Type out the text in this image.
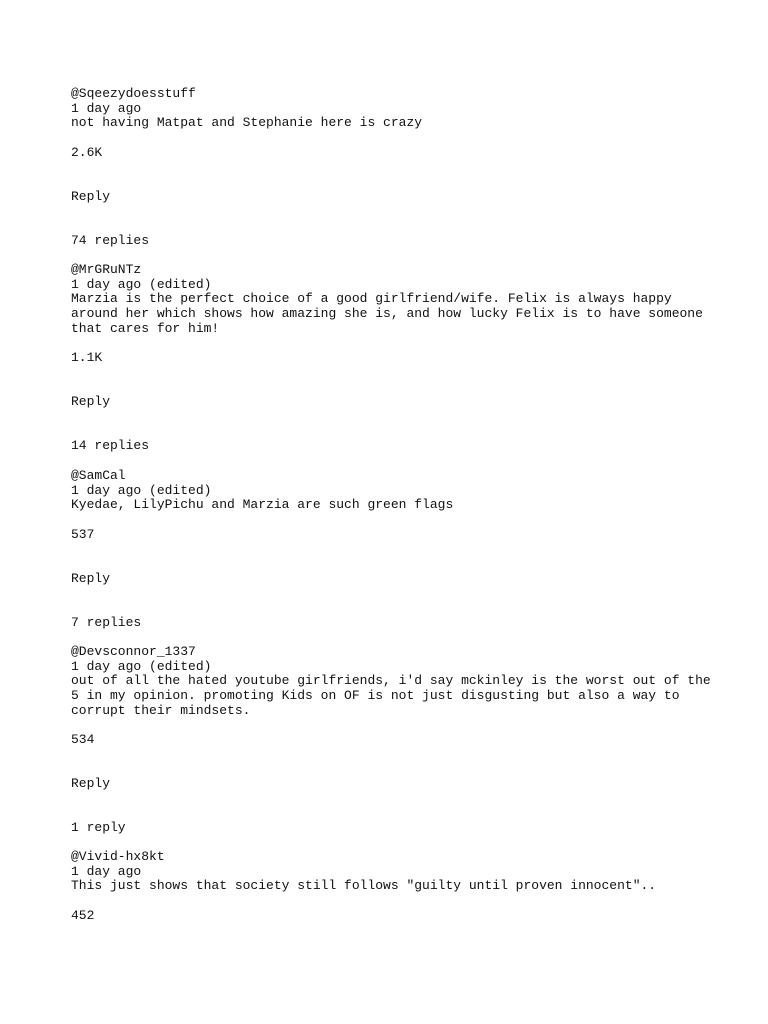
@Sqeezydoesstuff
1 day ago
not having Matpat and Stephanie here is crazy
2.6K
Reply
74 replies
@MrGRuNTz
1 day ago (edited)
Marzia is the perfect choice of a good girlfriend/wife. Felix is always happy around her which shows how amazing she is, and how lucky Felix is to have someone that cares for him!
1.1K
Reply
14 replies
@SamCal
1 day ago (edited)
Kyedae, LilyPichu and Marzia are such green flags
537
Reply
7 replies
@Devsconnor_1337
1 day ago (edited)
out of all the hated youtube girlfriends, i'd say mckinley is the worst out of the 5 in my opinion. promoting Kids on OF is not just disgusting but also a way to corrupt their mindsets.
534
Reply
1 reply
@Vivid-hx8kt
1 day ago
This just shows that society still follows "guilty until proven innocent"..
452
